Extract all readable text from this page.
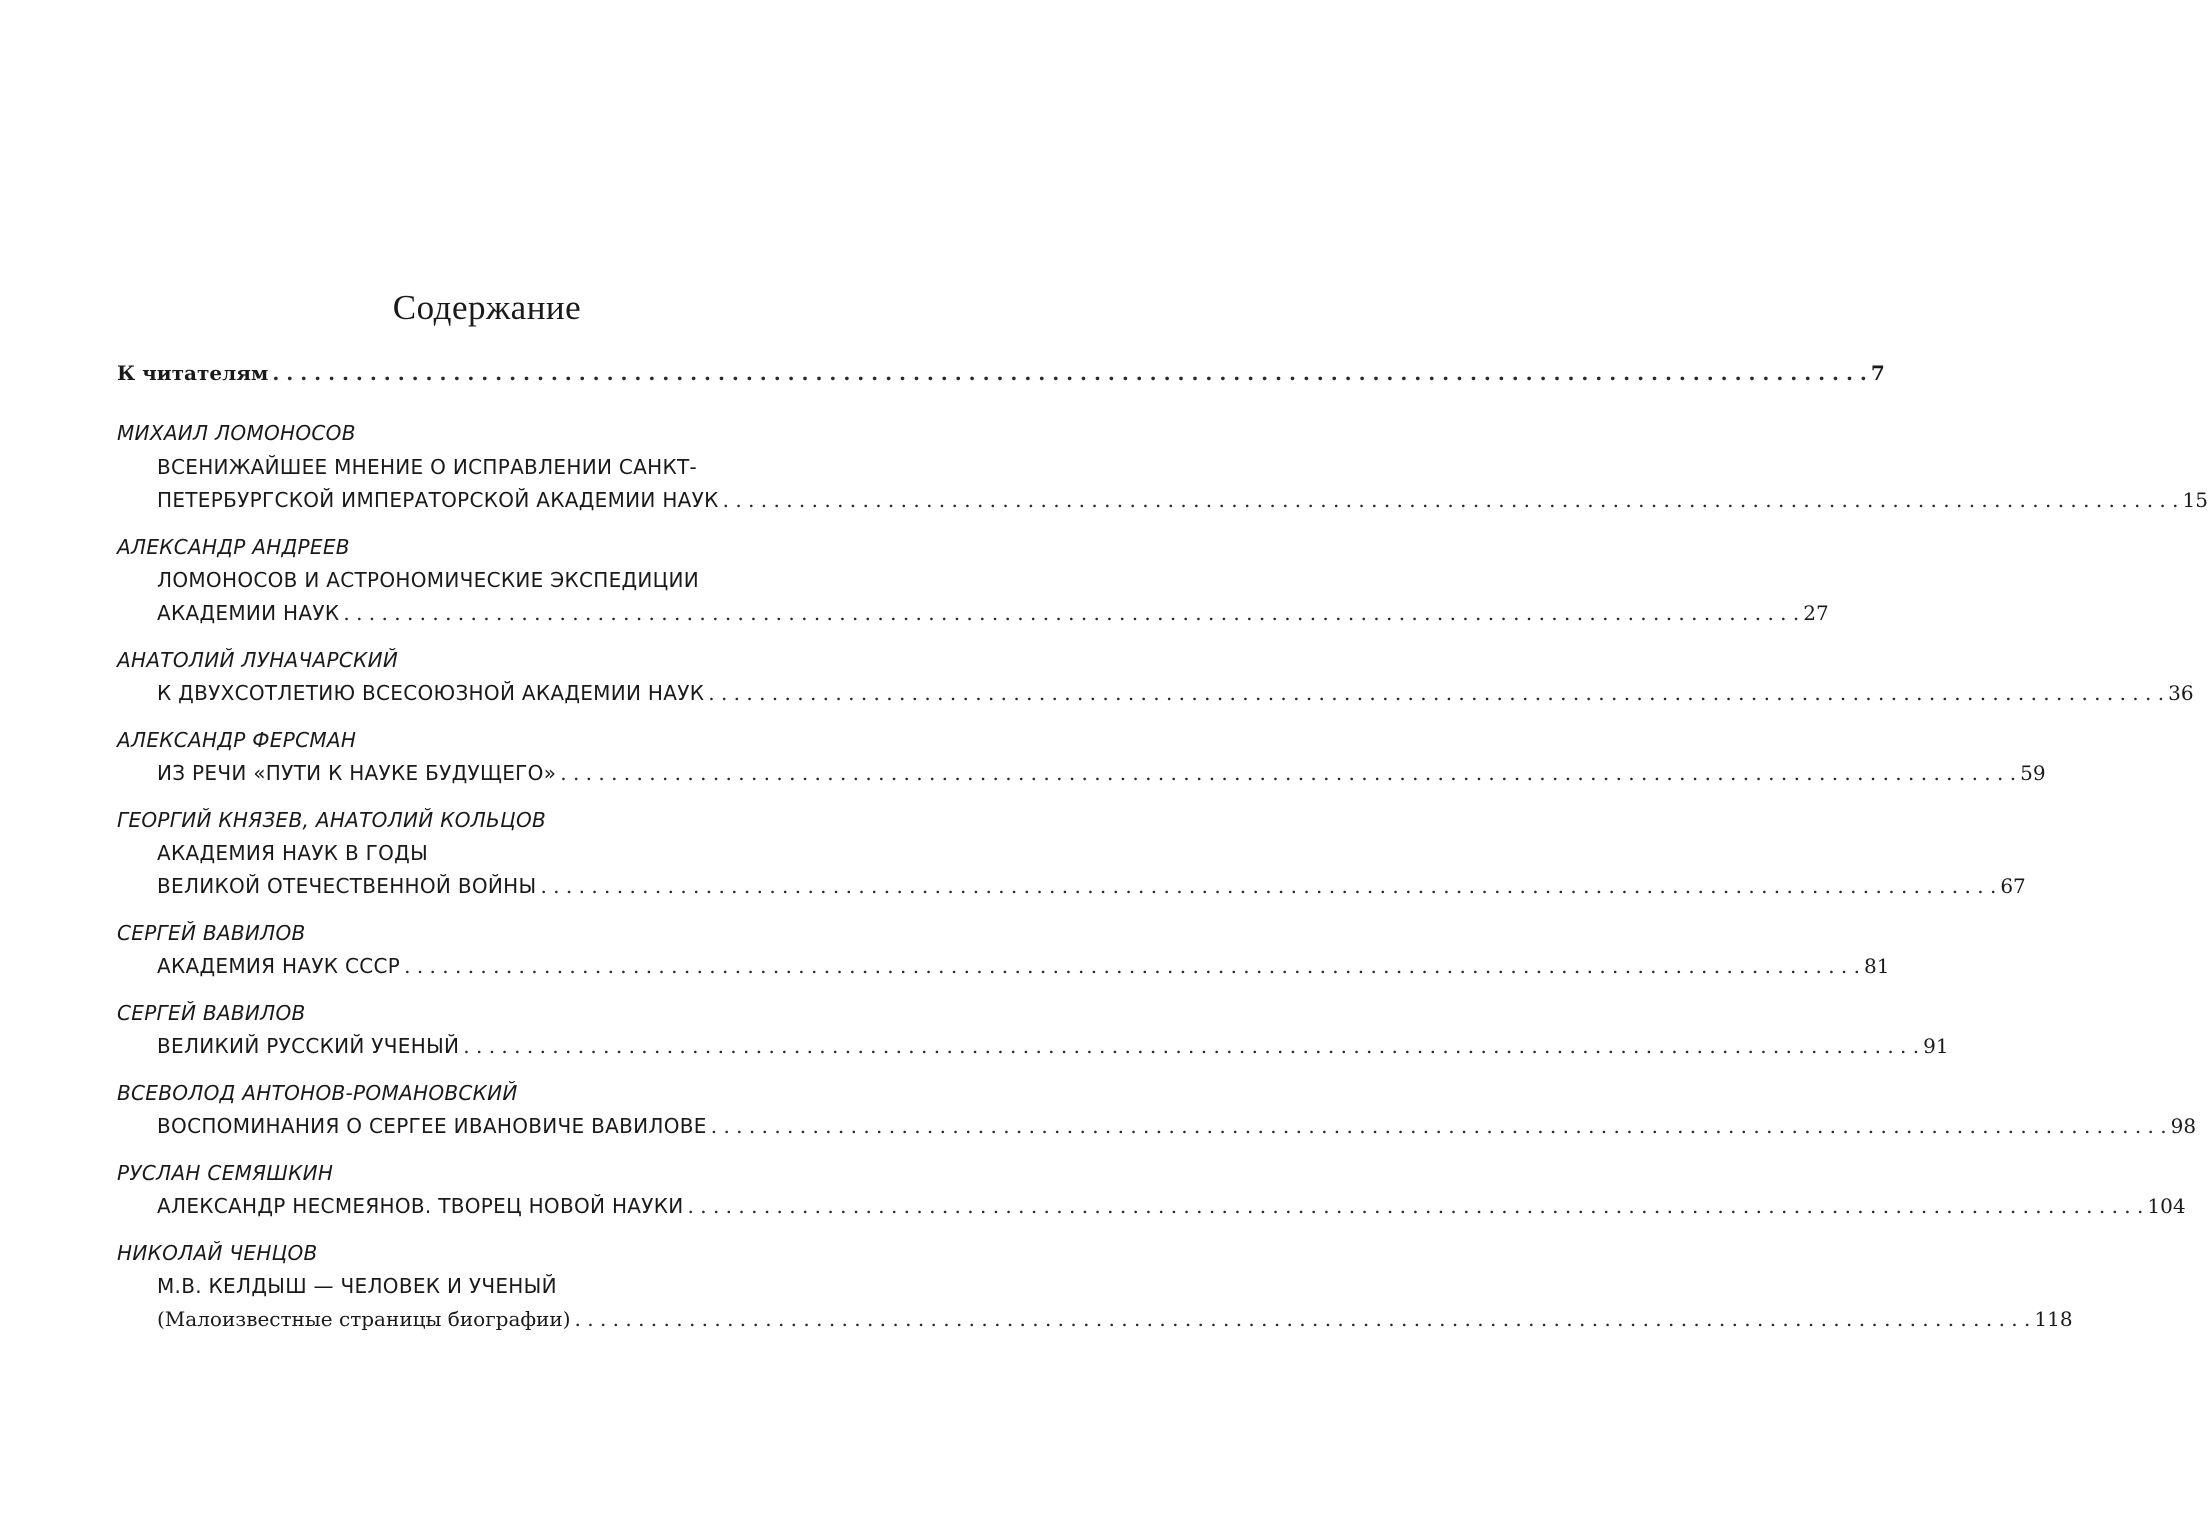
Содержание
К читателям . . . . . . . . . . . . . . . . . . . . . . . . . . . . . . . . . . . . . . . . . . . . . . . . . . . . . . . . . . . . . . . . . . . . . . . . . . . . . . . . . . . . . . . . . . . . . . . . . . . . . . . . . . . . . . . . . . . 7
МИХАИЛ ЛОМОНОСОВ
ВСЕНИЖАЙШЕЕ МНЕНИЕ О ИСПРАВЛЕНИИ САНКТ-
ПЕТЕРБУРГСКОЙ ИМПЕРАТОРСКОЙ АКАДЕМИИ НАУК . . . . . . . . . . . . . . . . . . . . . . . . . . . . . . . . . . . . . . . . . . . . . . . . . . . . . . . . . . . . . . . . . . . . . . . . . . . . . . . . . . . . . . . . . . . . . . . . . . . . . . . . . . . . . . . . . . . 15
АЛЕКСАНДР АНДРЕЕВ
ЛОМОНОСОВ И АСТРОНОМИЧЕСКИЕ ЭКСПЕДИЦИИ
АКАДЕМИИ НАУК . . . . . . . . . . . . . . . . . . . . . . . . . . . . . . . . . . . . . . . . . . . . . . . . . . . . . . . . . . . . . . . . . . . . . . . . . . . . . . . . . . . . . . . . . . . . . . . . . . . . . . . . . . . . . . . . . . . 27
АНАТОЛИЙ ЛУНАЧАРСКИЙ
К ДВУХСОТЛЕТИЮ ВСЕСОЮЗНОЙ АКАДЕМИИ НАУК . . . . . . . . . . . . . . . . . . . . . . . . . . . . . . . . . . . . . . . . . . . . . . . . . . . . . . . . . . . . . . . . . . . . . . . . . . . . . . . . . . . . . . . . . . . . . . . . . . . . . . . . . . . . . . . . . . . 36
АЛЕКСАНДР ФЕРСМАН
ИЗ РЕЧИ «ПУТИ К НАУКЕ БУДУЩЕГО» . . . . . . . . . . . . . . . . . . . . . . . . . . . . . . . . . . . . . . . . . . . . . . . . . . . . . . . . . . . . . . . . . . . . . . . . . . . . . . . . . . . . . . . . . . . . . . . . . . . . . . . . . . . . . . . . . . . 59
ГЕОРГИЙ КНЯЗЕВ, АНАТОЛИЙ КОЛЬЦОВ
АКАДЕМИЯ НАУК В ГОДЫ
ВЕЛИКОЙ ОТЕЧЕСТВЕННОЙ ВОЙНЫ . . . . . . . . . . . . . . . . . . . . . . . . . . . . . . . . . . . . . . . . . . . . . . . . . . . . . . . . . . . . . . . . . . . . . . . . . . . . . . . . . . . . . . . . . . . . . . . . . . . . . . . . . . . . . . . . . . . 67
СЕРГЕЙ ВАВИЛОВ
АКАДЕМИЯ НАУК СССР . . . . . . . . . . . . . . . . . . . . . . . . . . . . . . . . . . . . . . . . . . . . . . . . . . . . . . . . . . . . . . . . . . . . . . . . . . . . . . . . . . . . . . . . . . . . . . . . . . . . . . . . . . . . . . . . . . . 81
СЕРГЕЙ ВАВИЛОВ
ВЕЛИКИЙ РУССКИЙ УЧЕНЫЙ . . . . . . . . . . . . . . . . . . . . . . . . . . . . . . . . . . . . . . . . . . . . . . . . . . . . . . . . . . . . . . . . . . . . . . . . . . . . . . . . . . . . . . . . . . . . . . . . . . . . . . . . . . . . . . . . . . . 91
ВСЕВОЛОД АНТОНОВ-РОМАНОВСКИЙ
ВОСПОМИНАНИЯ О СЕРГЕЕ ИВАНОВИЧЕ ВАВИЛОВЕ . . . . . . . . . . . . . . . . . . . . . . . . . . . . . . . . . . . . . . . . . . . . . . . . . . . . . . . . . . . . . . . . . . . . . . . . . . . . . . . . . . . . . . . . . . . . . . . . . . . . . . . . . . . . . . . . . . . 98
РУСЛАН СЕМЯШКИН
АЛЕКСАНДР НЕСМЕЯНОВ. ТВОРЕЦ НОВОЙ НАУКИ . . . . . . . . . . . . . . . . . . . . . . . . . . . . . . . . . . . . . . . . . . . . . . . . . . . . . . . . . . . . . . . . . . . . . . . . . . . . . . . . . . . . . . . . . . . . . . . . . . . . . . . . . . . . . . . . . . . 104
НИКОЛАЙ ЧЕНЦОВ
М.В. КЕЛДЫШ — ЧЕЛОВЕК И УЧЕНЫЙ
(Малоизвестные страницы биографии) . . . . . . . . . . . . . . . . . . . . . . . . . . . . . . . . . . . . . . . . . . . . . . . . . . . . . . . . . . . . . . . . . . . . . . . . . . . . . . . . . . . . . . . . . . . . . . . . . . . . . . . . . . . . . . . . . . . 118
